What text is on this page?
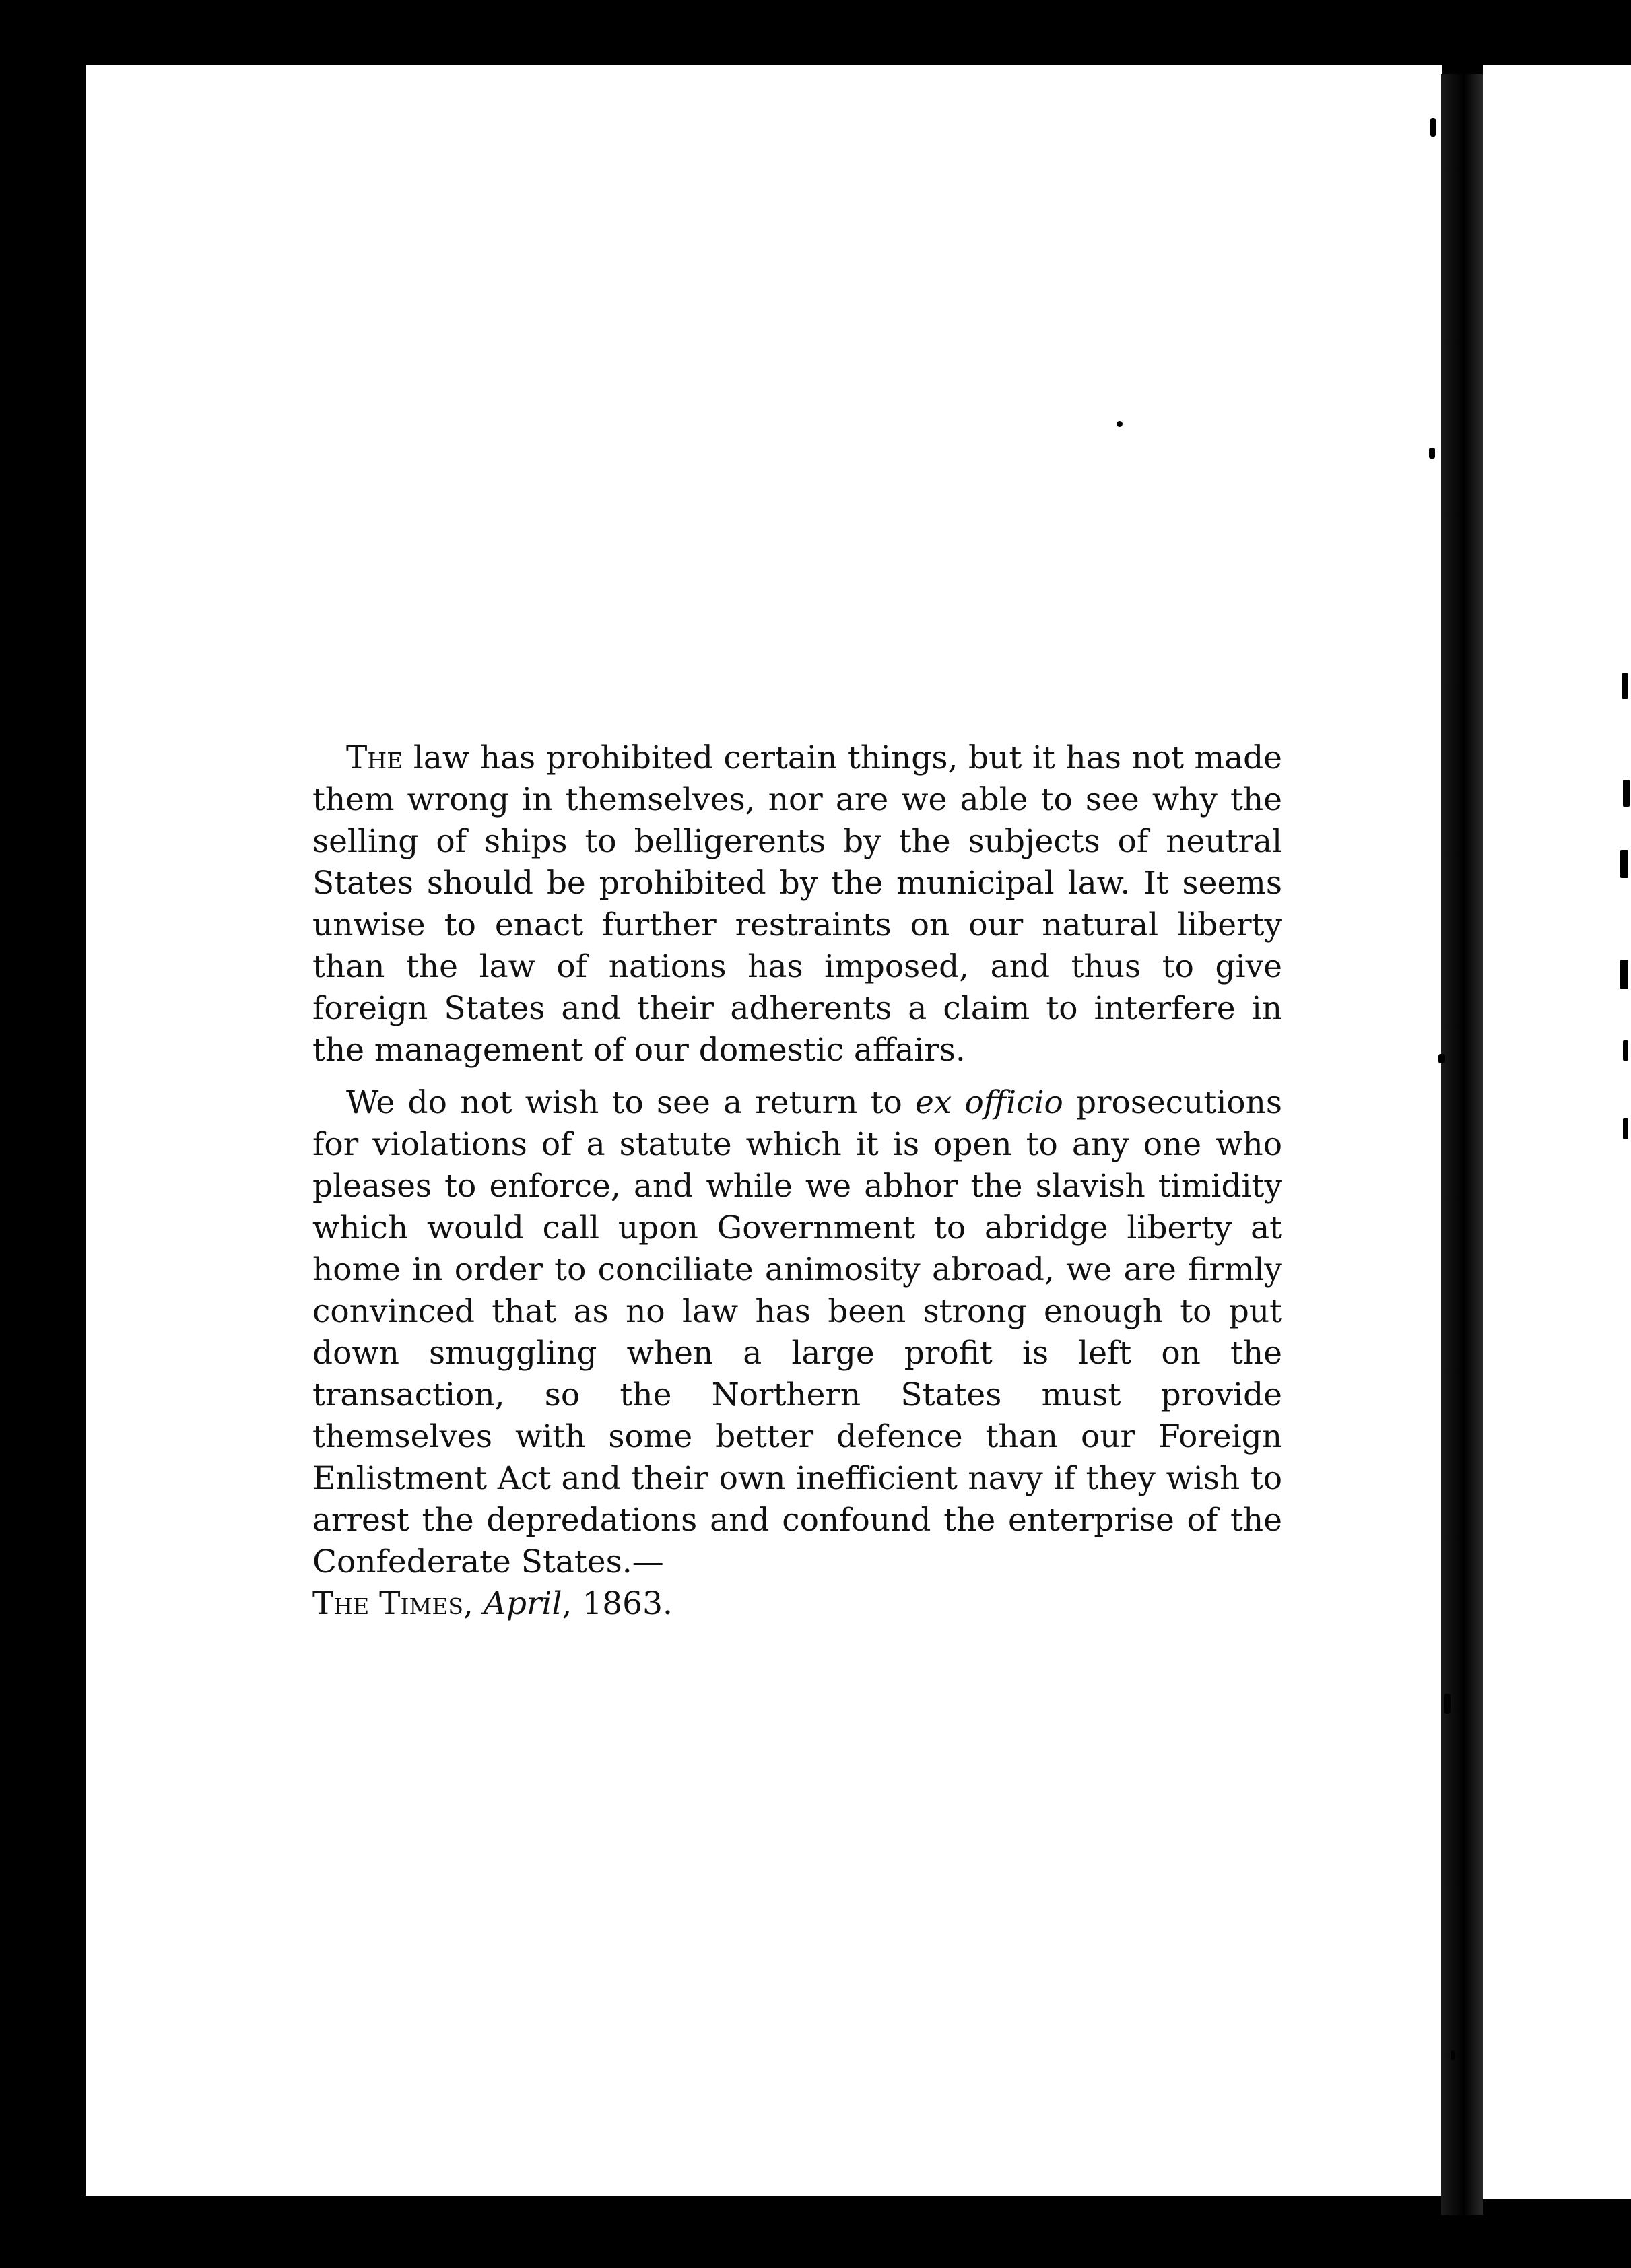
The law has prohibited certain things, but it has not made them wrong in themselves, nor are we able to see why the selling of ships to belligerents by the subjects of neutral States should be prohibited by the municipal law. It seems unwise to enact further restraints on our natural liberty than the law of nations has imposed, and thus to give foreign States and their adherents a claim to interfere in the management of our domestic affairs.

We do not wish to see a return to ex officio prosecutions for violations of a statute which it is open to any one who pleases to enforce, and while we abhor the slavish timidity which would call upon Government to abridge liberty at home in order to conciliate animosity abroad, we are firmly convinced that as no law has been strong enough to put down smuggling when a large profit is left on the transaction, so the Northern States must provide themselves with some better defence than our Foreign Enlistment Act and their own inefficient navy if they wish to arrest the depredations and confound the enterprise of the Confederate States.—

The Times, April, 1863.
